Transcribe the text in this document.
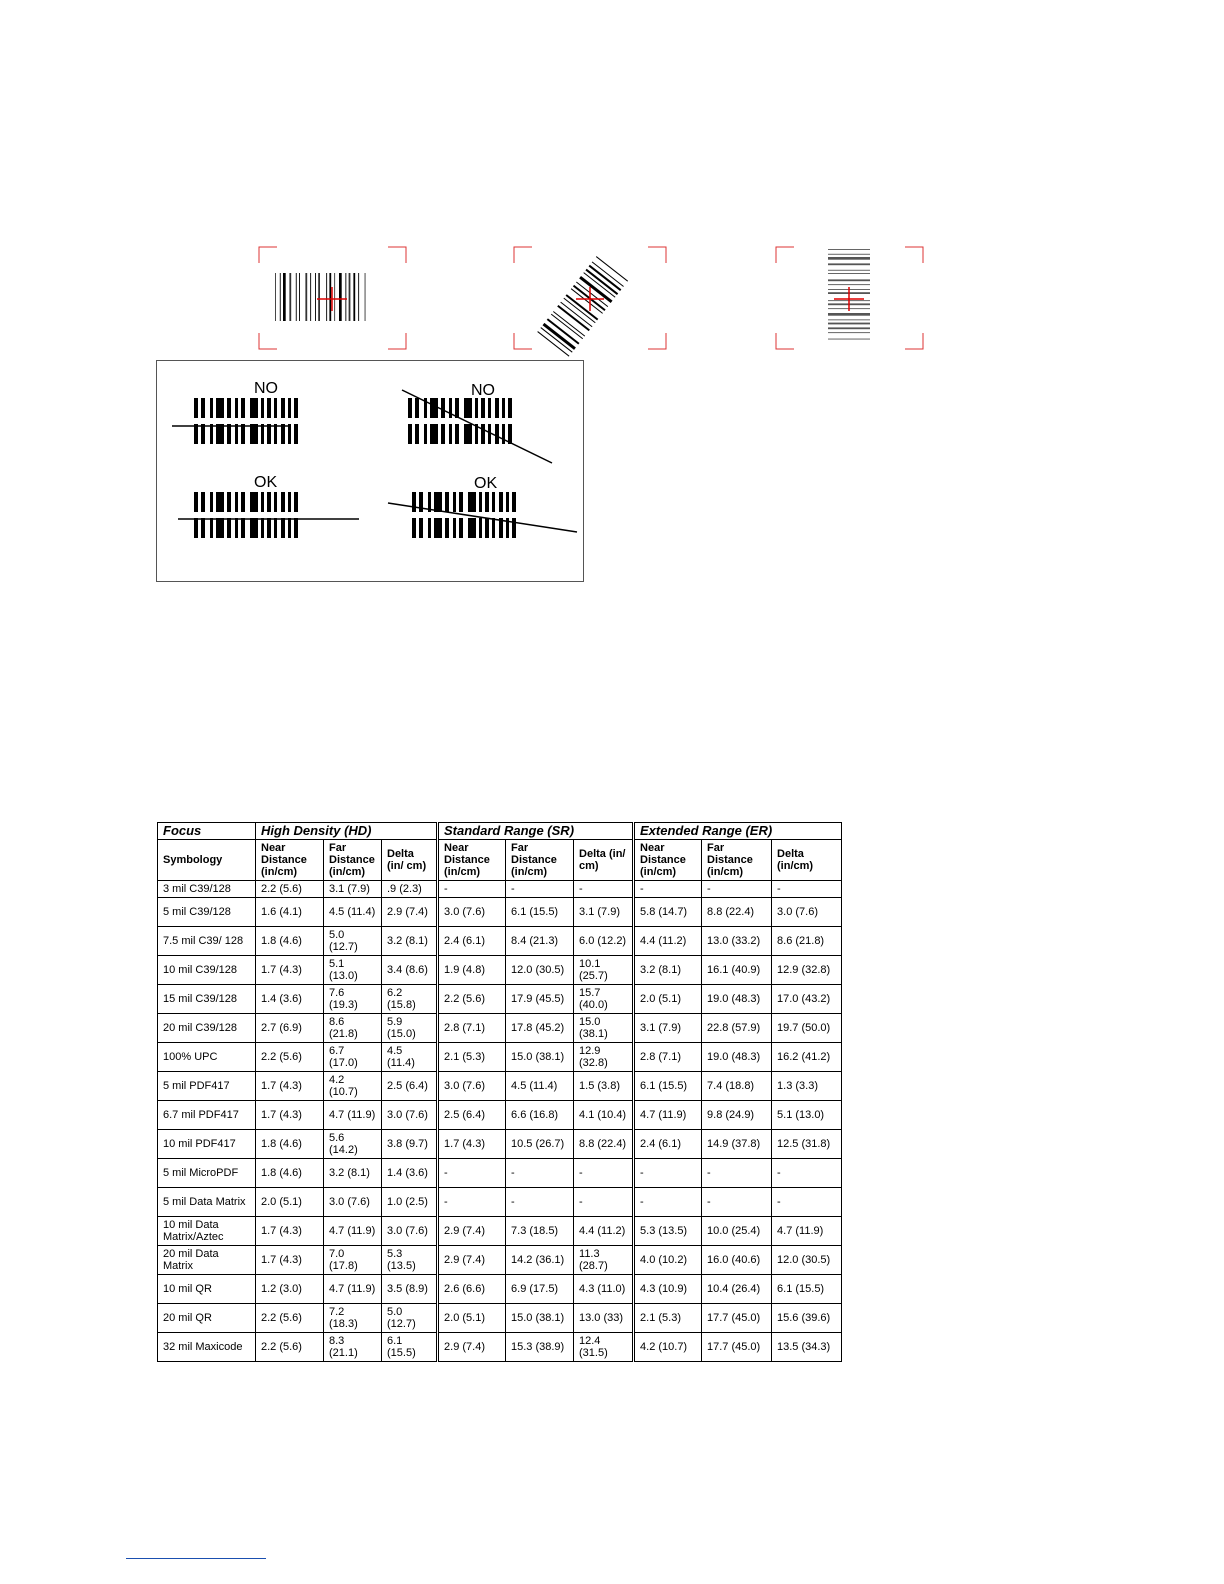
NO	NO
OK	OK
Focus	High Density (HD)			Standard Range (SR)			Extended Range (ER)		
Symbology	Near Distance (in/cm)	Far Distance (in/cm)	Delta (in/ cm)	Near Distance (in/cm)	Far Distance (in/cm)	Delta (in/ cm)	Near Distance (in/cm)	Far Distance (in/cm)	Delta (in/cm)
3 mil C39/128	2.2 (5.6)	3.1 (7.9)	.9 (2.3)	-	-	-	-	-	-
5 mil C39/128	1.6 (4.1)	4.5 (11.4)	2.9 (7.4)	3.0 (7.6)	6.1 (15.5)	3.1 (7.9)	5.8 (14.7)	8.8 (22.4)	3.0 (7.6)
7.5 mil C39/ 128	1.8 (4.6)	5.0 (12.7)	3.2 (8.1)	2.4 (6.1)	8.4 (21.3)	6.0 (12.2)	4.4 (11.2)	13.0 (33.2)	8.6 (21.8)
10 mil C39/128	1.7 (4.3)	5.1 (13.0)	3.4 (8.6)	1.9 (4.8)	12.0 (30.5)	10.1 (25.7)	3.2 (8.1)	16.1 (40.9)	12.9 (32.8)
15 mil C39/128	1.4 (3.6)	7.6 (19.3)	6.2 (15.8)	2.2 (5.6)	17.9 (45.5)	15.7 (40.0)	2.0 (5.1)	19.0 (48.3)	17.0 (43.2)
20 mil C39/128	2.7 (6.9)	8.6 (21.8)	5.9 (15.0)	2.8 (7.1)	17.8 (45.2)	15.0 (38.1)	3.1 (7.9)	22.8 (57.9)	19.7 (50.0)
100% UPC	2.2 (5.6)	6.7 (17.0)	4.5 (11.4)	2.1 (5.3)	15.0 (38.1)	12.9 (32.8)	2.8 (7.1)	19.0 (48.3)	16.2 (41.2)
5 mil PDF417	1.7 (4.3)	4.2 (10.7)	2.5 (6.4)	3.0 (7.6)	4.5 (11.4)	1.5 (3.8)	6.1 (15.5)	7.4 (18.8)	1.3 (3.3)
6.7 mil PDF417	1.7 (4.3)	4.7 (11.9)	3.0 (7.6)	2.5 (6.4)	6.6 (16.8)	4.1 (10.4)	4.7 (11.9)	9.8 (24.9)	5.1 (13.0)
10 mil PDF417	1.8 (4.6)	5.6 (14.2)	3.8 (9.7)	1.7 (4.3)	10.5 (26.7)	8.8 (22.4)	2.4 (6.1)	14.9 (37.8)	12.5 (31.8)
5 mil MicroPDF	1.8 (4.6)	3.2 (8.1)	1.4 (3.6)	-	-	-	-	-	-
5 mil Data Matrix	2.0 (5.1)	3.0 (7.6)	1.0 (2.5)	-	-	-	-	-	-
10 mil Data Matrix/Aztec	1.7 (4.3)	4.7 (11.9)	3.0 (7.6)	2.9 (7.4)	7.3 (18.5)	4.4 (11.2)	5.3 (13.5)	10.0 (25.4)	4.7 (11.9)
20 mil Data Matrix	1.7 (4.3)	7.0 (17.8)	5.3 (13.5)	2.9 (7.4)	14.2 (36.1)	11.3 (28.7)	4.0 (10.2)	16.0 (40.6)	12.0 (30.5)
10 mil QR	1.2 (3.0)	4.7 (11.9)	3.5 (8.9)	2.6 (6.6)	6.9 (17.5)	4.3 (11.0)	4.3 (10.9)	10.4 (26.4)	6.1 (15.5)
20 mil QR	2.2 (5.6)	7.2 (18.3)	5.0 (12.7)	2.0 (5.1)	15.0 (38.1)	13.0 (33)	2.1 (5.3)	17.7 (45.0)	15.6 (39.6)
32 mil Maxicode	2.2 (5.6)	8.3 (21.1)	6.1 (15.5)	2.9 (7.4)	15.3 (38.9)	12.4 (31.5)	4.2 (10.7)	17.7 (45.0)	13.5 (34.3)
